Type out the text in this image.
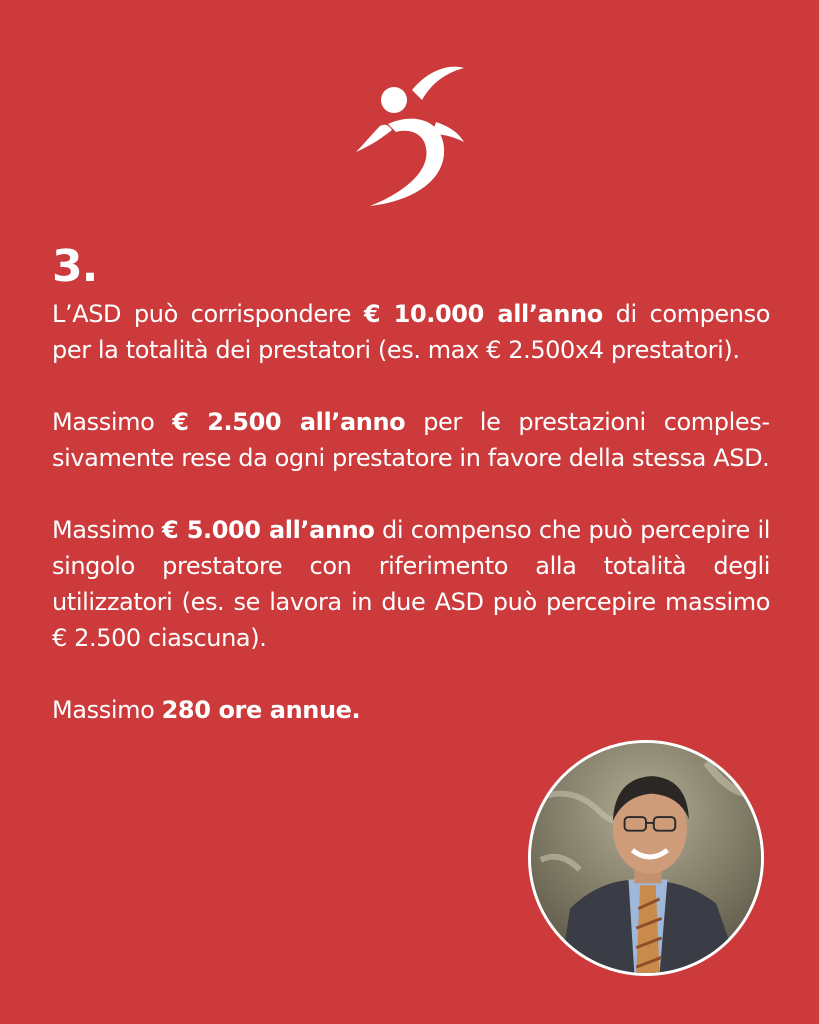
3.

L’ASD può corrispondere € 10.000 all’anno di compenso per la totalità dei prestatori (es. max € 2.500x4 prestatori).

Massimo € 2.500 all’anno per le prestazioni complessivamente rese da ogni prestatore in favore della stessa ASD.

Massimo € 5.000 all’anno di compenso che può percepire il singolo prestatore con riferimento alla totalità degli utilizzatori (es. se lavora in due ASD può percepire massimo € 2.500 ciascuna).

Massimo 280 ore annue.
